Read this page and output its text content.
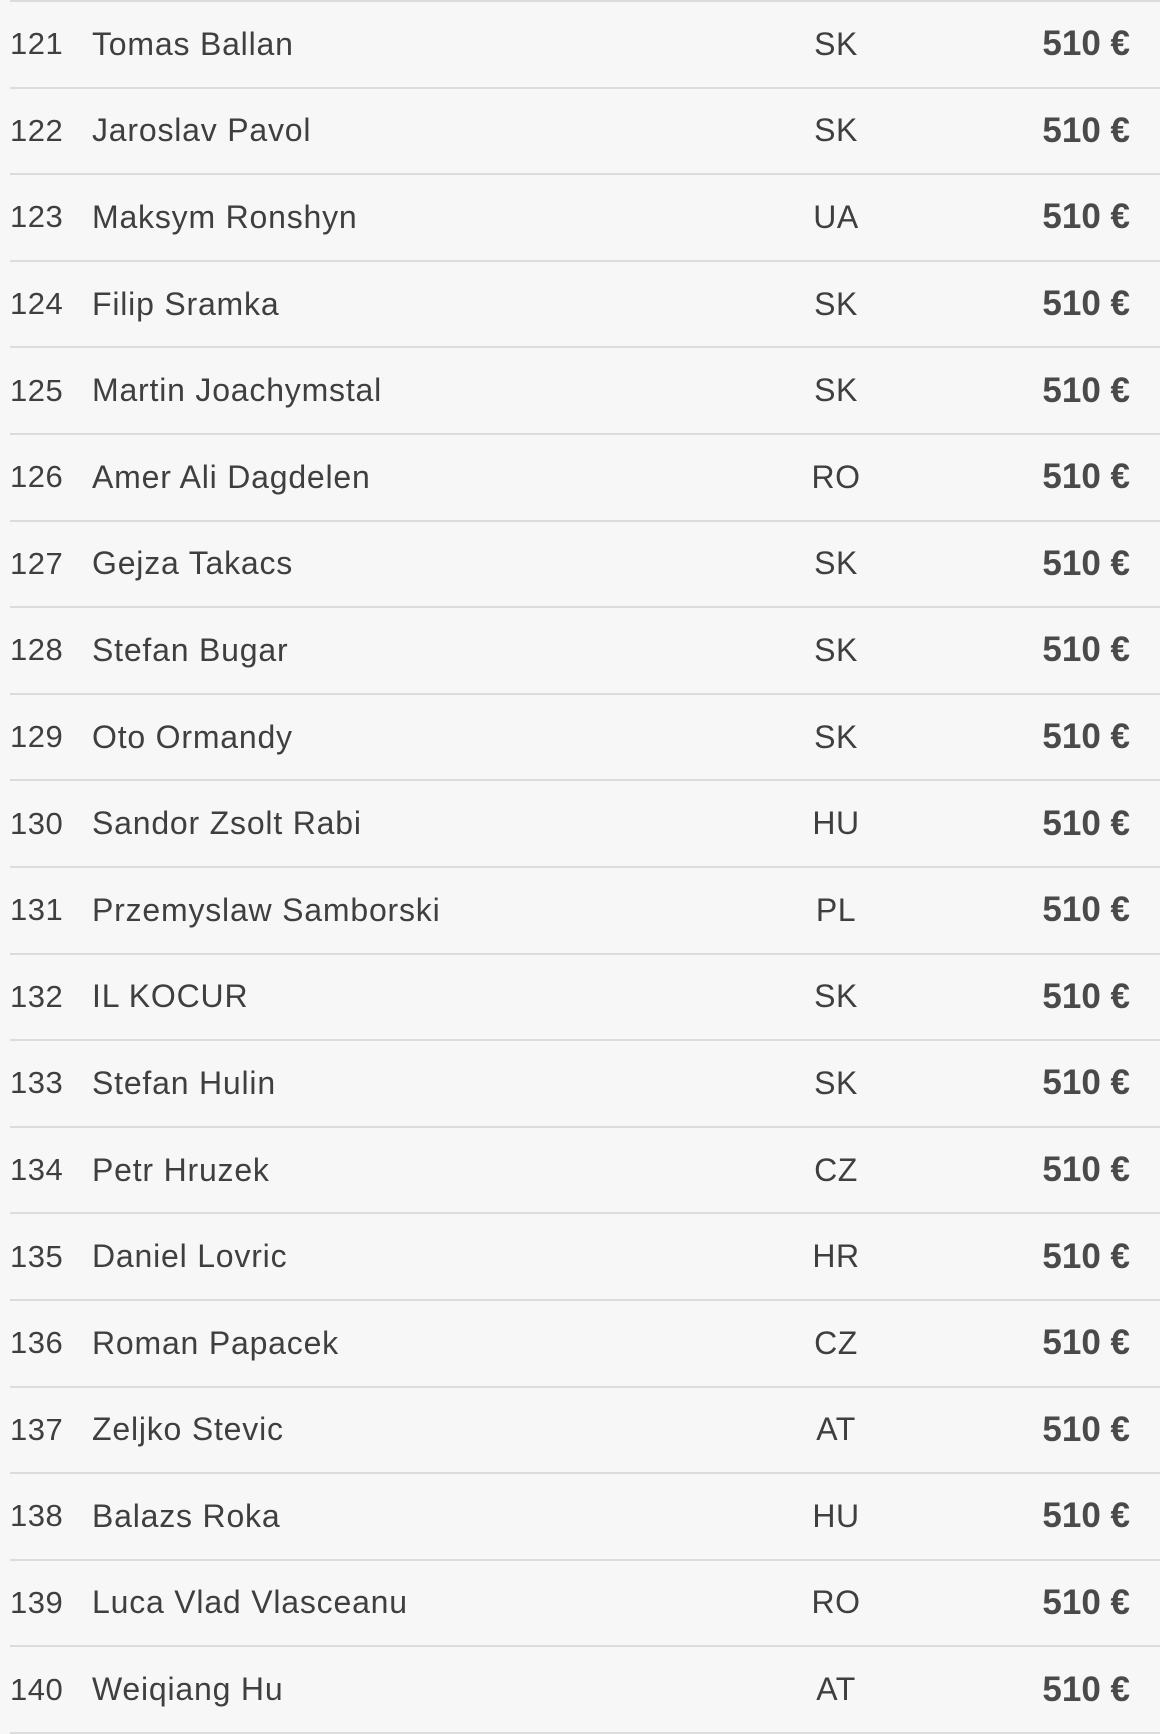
121 Tomas Ballan	SK	510 €
122 Jaroslav Pavol	SK	510 €
123 Maksym Ronshyn	UA	510 €
124 Filip Sramka	SK	510 €
125 Martin Joachymstal	SK	510 €
126 Amer Ali Dagdelen	RO	510 €
127 Gejza Takacs	SK	510 €
128 Stefan Bugar	SK	510 €
129 Oto Ormandy	SK	510 €
130 Sandor Zsolt Rabi	HU	510 €
131 Przemyslaw Samborski	PL	510 €
132 IL KOCUR	SK	510 €
133 Stefan Hulin	SK	510 €
134 Petr Hruzek	CZ	510 €
135 Daniel Lovric	HR	510 €
136 Roman Papacek	CZ	510 €
137 Zeljko Stevic	AT	510 €
138 Balazs Roka	HU	510 €
139 Luca Vlad Vlasceanu	RO	510 €
140 Weiqiang Hu	AT	510 €
